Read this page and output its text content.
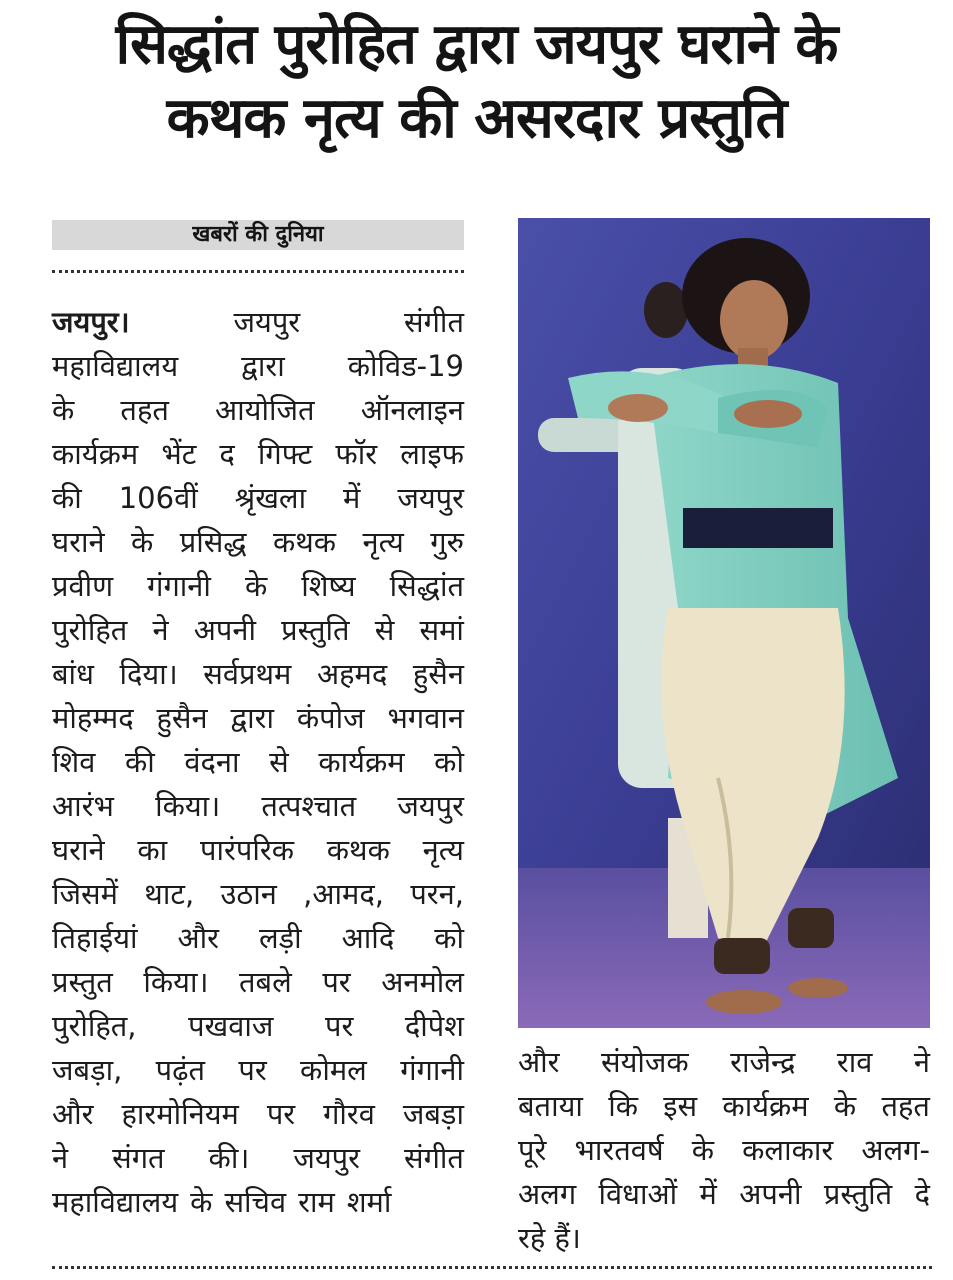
सिद्धांत पुरोहित द्वारा जयपुर घराने के
कथक नृत्य की असरदार प्रस्तुति
खबरों की दुनिया
जयपुर।	जयपुर	संगीत
महाविद्यालय द्वारा कोविड-19
के तहत आयोजित ऑनलाइन
कार्यक्रम भेंट द गिफ्ट फॉर लाइफ
की 106वीं श्रृंखला में जयपुर
घराने के प्रसिद्ध कथक नृत्य गुरु
प्रवीण गंगानी के शिष्य सिद्धांत
पुरोहित ने अपनी प्रस्तुति से समां
बांध दिया। सर्वप्रथम अहमद हुसैन
मोहम्मद हुसैन द्वारा कंपोज भगवान
शिव की वंदना से कार्यक्रम को
आरंभ किया। तत्पश्चात जयपुर
घराने का पारंपरिक कथक नृत्य
जिसमें थाट, उठान ,आमद, परन,
तिहाईयां और लड़ी आदि को
प्रस्तुत किया। तबले पर अनमोल
पुरोहित, पखवाज पर दीपेश
जबड़ा, पढ़ंत पर कोमल गंगानी
और हारमोनियम पर गौरव जबड़ा
ने संगत की। जयपुर संगीत
महाविद्यालय के सचिव राम शर्मा
और संयोजक राजेन्द्र राव ने
बताया कि इस कार्यक्रम के तहत
पूरे भारतवर्ष के कलाकार अलग-
अलग विधाओं में अपनी प्रस्तुति दे
रहे हैं।
